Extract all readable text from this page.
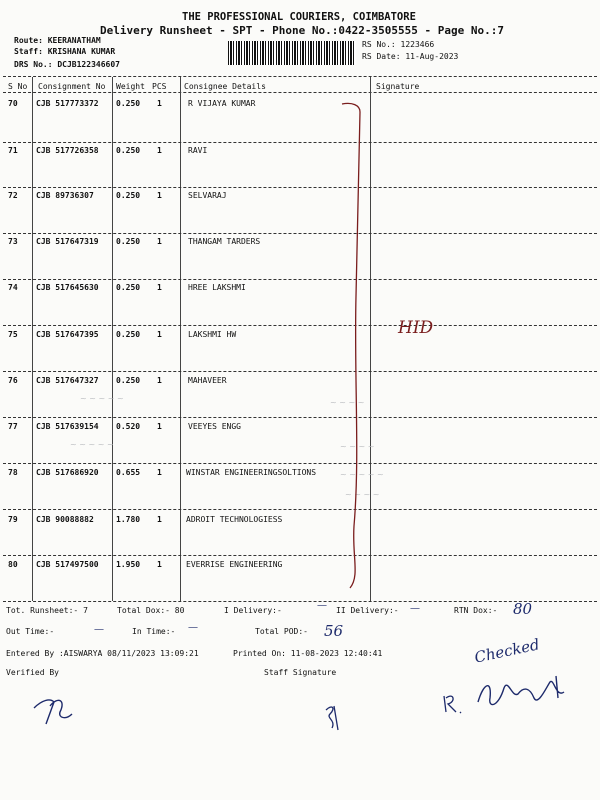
THE PROFESSIONAL COURIERS, COIMBATORE
Delivery Runsheet - SPT - Phone No.:0422-3505555 - Page No.:7
Route: KEERANATHAM
Staff: KRISHANA KUMAR
DRS No.: DCJB122346607
RS No.: 1223466
RS Date: 11-Aug-2023
S No Consignment No Weight PCS Consignee Details	Signature
70 CJB 517773372 0.250 1	R VIJAYA KUMAR
71 CJB 517726358 0.250 1	RAVI
72 CJB 89736307	0.250 1	SELVARAJ
73 CJB 517647319 0.250 1	THANGAM TARDERS
74 CJB 517645630 0.250 1	HREE LAKSHMI
75 CJB 517647395 0.250 1	LAKSHMI HW
76 CJB 517647327 0.250 1	MAHAVEER
77 CJB 517639154 0.520 1	VEEYES ENGG
78 CJB 517686920 0.655 1	WINSTAR ENGINEERINGSOLTIONS
79 CJB 90088882	1.780 1	ADROIT TECHNOLOGIESS
80 CJB 517497500 1.950 1	EVERRISE ENGINEERING
~ ~ ~ ~ ~	~ ~ ~ ~
~ ~ ~ ~ ~	~ ~ ~ ~
~ ~ ~ ~ ~
~ ~ ~ ~
HID
Tot. Runsheet:- 7	Total Dox:- 80	I Delivery:-	II Delivery:-	RTN Dox:-
—	—	80
Out Time:-	In Time:-	Total POD:-
—	—	56
Entered By :AISWARYA 08/11/2023 13:09:21	Printed On: 11-08-2023 12:40:41	Checked
Verified By	Staff Signature
